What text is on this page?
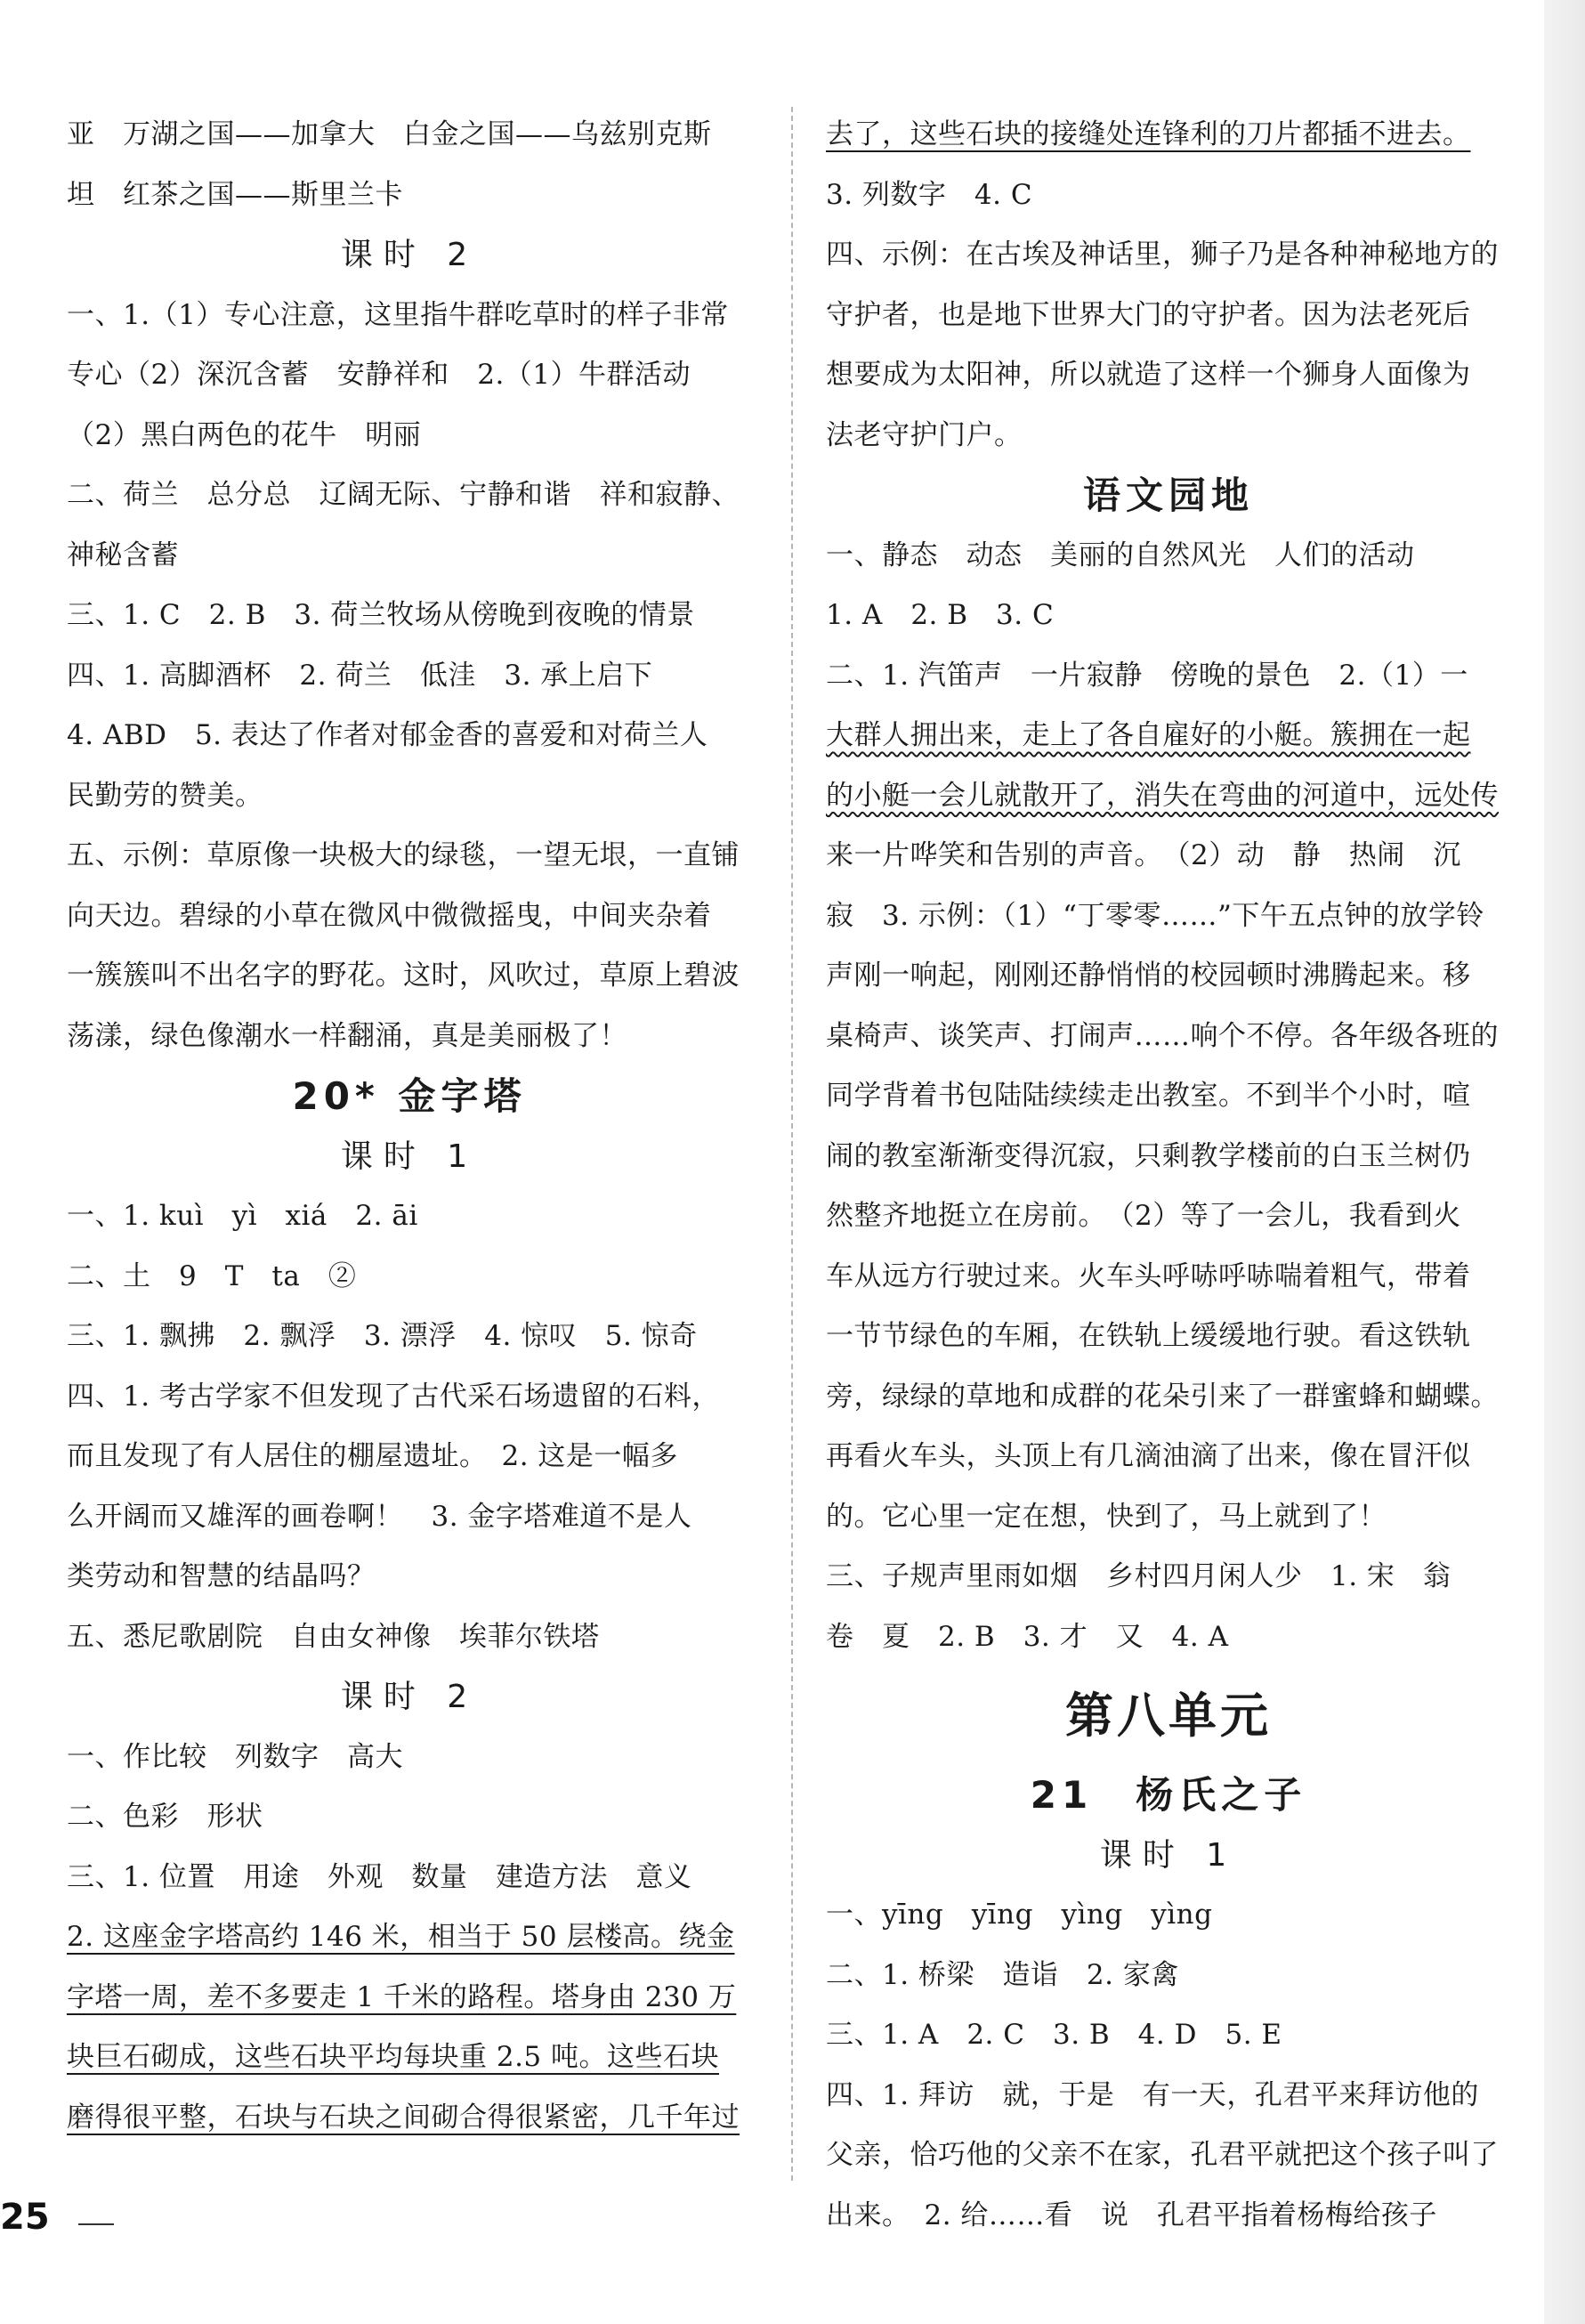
亚　万湖之国——加拿大　白金之国——乌兹别克斯
坦　红茶之国——斯里兰卡
课时 2
一、1.（1）专心注意，这里指牛群吃草时的样子非常
专心（2）深沉含蓄　安静祥和　2.（1）牛群活动
（2）黑白两色的花牛　明丽
二、荷兰　总分总　辽阔无际、宁静和谐　祥和寂静、
神秘含蓄
三、1. C　2. B　3. 荷兰牧场从傍晚到夜晚的情景
四、1. 高脚酒杯　2. 荷兰　低洼　3. 承上启下
4. ABD　5. 表达了作者对郁金香的喜爱和对荷兰人
民勤劳的赞美。
五、示例：草原像一块极大的绿毯，一望无垠，一直铺
向天边。碧绿的小草在微风中微微摇曳，中间夹杂着
一簇簇叫不出名字的野花。这时，风吹过，草原上碧波
荡漾，绿色像潮水一样翻涌，真是美丽极了！
20* 金字塔
课时 1
一、1. kuì　yì　xiá　2. āi
二、土　9　T　ta　②
三、1. 飘拂　2. 飘浮　3. 漂浮　4. 惊叹　5. 惊奇
四、1. 考古学家不但发现了古代采石场遗留的石料，
而且发现了有人居住的棚屋遗址。　2. 这是一幅多
么开阔而又雄浑的画卷啊！　3. 金字塔难道不是人
类劳动和智慧的结晶吗？
五、悉尼歌剧院　自由女神像　埃菲尔铁塔
课时 2
一、作比较　列数字　高大
二、色彩　形状
三、1. 位置　用途　外观　数量　建造方法　意义
2. 这座金字塔高约 146 米，相当于 50 层楼高。绕金
字塔一周，差不多要走 1 千米的路程。塔身由 230 万
块巨石砌成，这些石块平均每块重 2.5 吨。这些石块
磨得很平整，石块与石块之间砌合得很紧密，几千年过
去了，这些石块的接缝处连锋利的刀片都插不进去。
3. 列数字　4. C
四、示例：在古埃及神话里，狮子乃是各种神秘地方的
守护者，也是地下世界大门的守护者。因为法老死后
想要成为太阳神，所以就造了这样一个狮身人面像为
法老守护门户。
语文园地
一、静态　动态　美丽的自然风光　人们的活动
1. A　2. B　3. C
二、1. 汽笛声　一片寂静　傍晚的景色　2.（1）一
大群人拥出来，走上了各自雇好的小艇。簇拥在一起
的小艇一会儿就散开了，消失在弯曲的河道中，远处传
来一片哗笑和告别的声音。　（2）动　静　热闹　沉
寂　3. 示例：（1）“丁零零……”下午五点钟的放学铃
声刚一响起，刚刚还静悄悄的校园顿时沸腾起来。移
桌椅声、谈笑声、打闹声……响个不停。各年级各班的
同学背着书包陆陆续续走出教室。不到半个小时，喧
闹的教室渐渐变得沉寂，只剩教学楼前的白玉兰树仍
然整齐地挺立在房前。　（2）等了一会儿，我看到火
车从远方行驶过来。火车头呼哧呼哧喘着粗气，带着
一节节绿色的车厢，在铁轨上缓缓地行驶。看这铁轨
旁，绿绿的草地和成群的花朵引来了一群蜜蜂和蝴蝶。
再看火车头，头顶上有几滴油滴了出来，像在冒汗似
的。它心里一定在想，快到了，马上就到了！
三、子规声里雨如烟　乡村四月闲人少　1. 宋　翁
卷　夏　2. B　3. 才　又　4. A
第八单元
21　杨氏之子
课时 1
一、yīng　yīng　yìng　yìng
二、1. 桥梁　造诣　2. 家禽
三、1. A　2. C　3. B　4. D　5. E
四、1. 拜访　就，于是　有一天，孔君平来拜访他的
父亲，恰巧他的父亲不在家，孔君平就把这个孩子叫了
出来。　2. 给……看　说　孔君平指着杨梅给孩子
25
